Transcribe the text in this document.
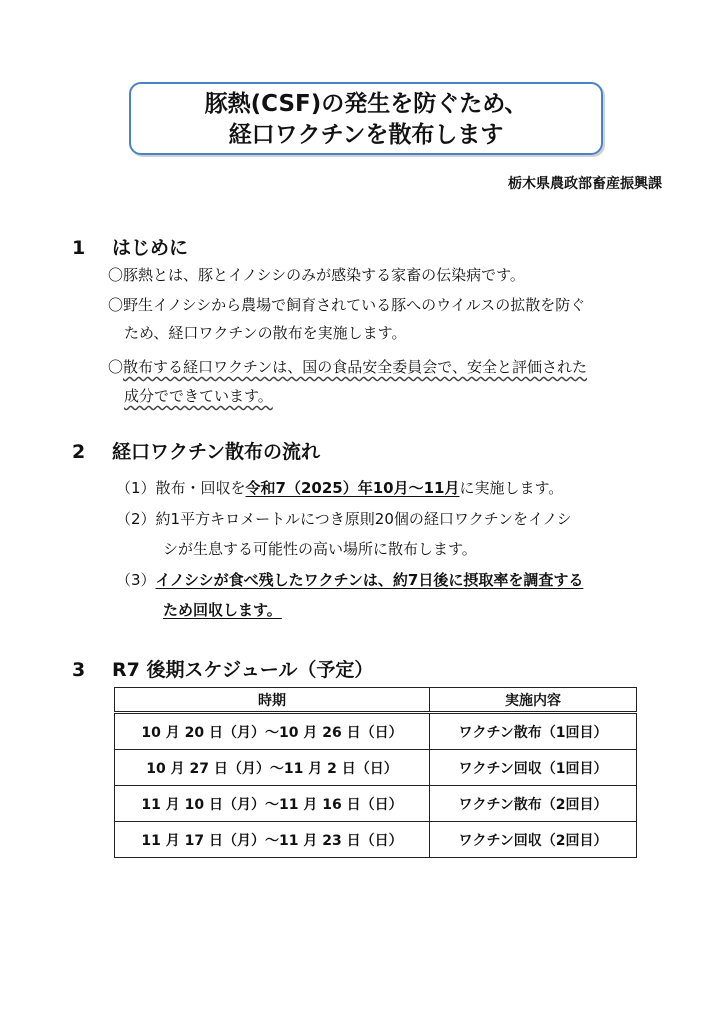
豚熱(CSF)の発生を防ぐため、
経口ワクチンを散布します
栃木県農政部畜産振興課
1 はじめに
〇豚熱とは、豚とイノシシのみが感染する家畜の伝染病です。
〇野生イノシシから農場で飼育されている豚へのウイルスの拡散を防ぐ
ため、経口ワクチンの散布を実施します。
〇散布する経口ワクチンは、国の食品安全委員会で、安全と評価された
成分でできています。
2 経口ワクチン散布の流れ
（1）散布・回収を令和7（2025）年10月～11月に実施します。
（2）約1平方キロメートルにつき原則20個の経口ワクチンをイノシ
シが生息する可能性の高い場所に散布します。
（3）イノシシが食べ残したワクチンは、約7日後に摂取率を調査する
ため回収します。
3 R7 後期スケジュール（予定）
時期	実施内容
10 月 20 日（月）～10 月 26 日（日）	ワクチン散布（1回目）
10 月 27 日（月）～11 月 2 日（日）	ワクチン回収（1回目）
11 月 10 日（月）～11 月 16 日（日）	ワクチン散布（2回目）
11 月 17 日（月）～11 月 23 日（日）	ワクチン回収（2回目）
